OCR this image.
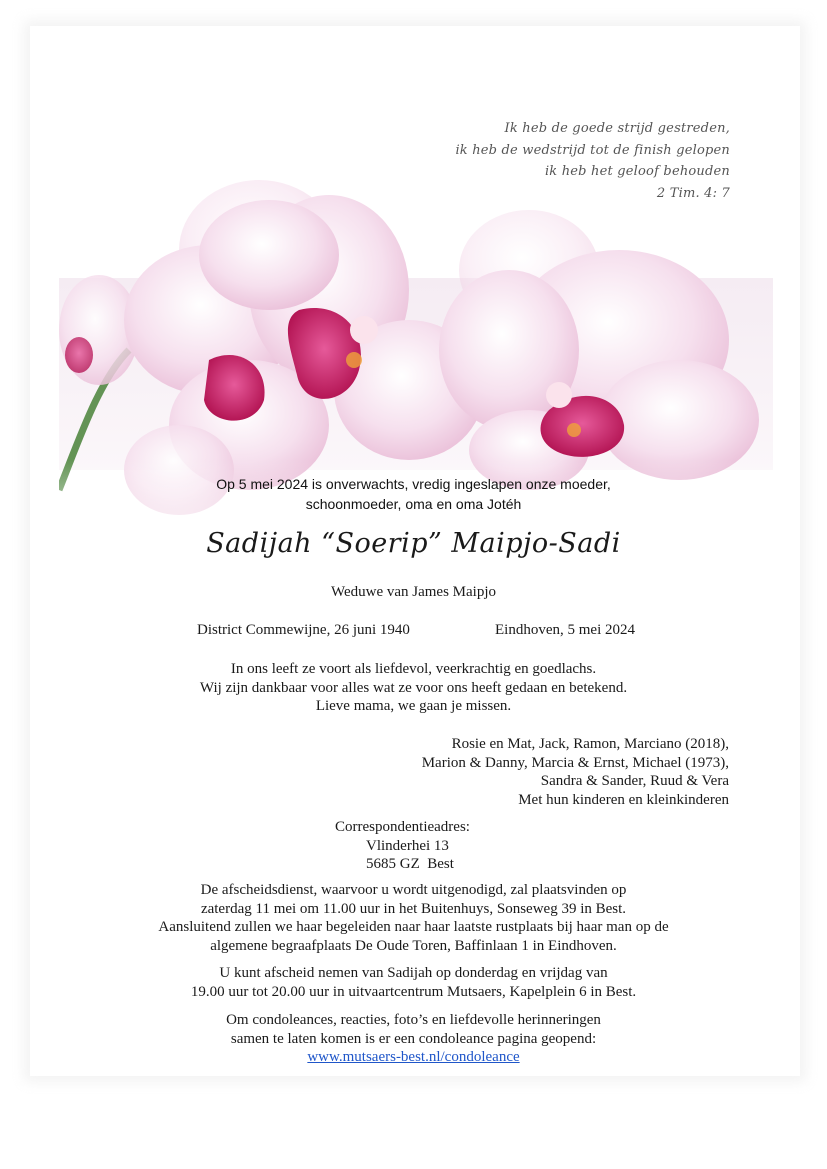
Ik heb de goede strijd gestreden,
ik heb de wedstrijd tot de finish gelopen
ik heb het geloof behouden
2 Tim. 4: 7
Op 5 mei 2024 is onverwachts, vredig ingeslapen onze moeder,
schoonmoeder, oma en oma Jotéh
Sadijah “Soerip” Maipjo-Sadi
Weduwe van James Maipjo
District Commewijne, 26 juni 1940	Eindhoven, 5 mei 2024
In ons leeft ze voort als liefdevol, veerkrachtig en goedlachs.
Wij zijn dankbaar voor alles wat ze voor ons heeft gedaan en betekend.
Lieve mama, we gaan je missen.
Rosie en Mat, Jack, Ramon, Marciano (2018),
Marion & Danny, Marcia & Ernst, Michael (1973),
Sandra & Sander, Ruud & Vera
Met hun kinderen en kleinkinderen
Correspondentieadres:
Vlinderhei 13
5685 GZ  Best
De afscheidsdienst, waarvoor u wordt uitgenodigd, zal plaatsvinden op
zaterdag 11 mei om 11.00 uur in het Buitenhuys, Sonseweg 39 in Best.
Aansluitend zullen we haar begeleiden naar haar laatste rustplaats bij haar man op de
algemene begraafplaats De Oude Toren, Baffinlaan 1 in Eindhoven.
U kunt afscheid nemen van Sadijah op donderdag en vrijdag van
19.00 uur tot 20.00 uur in uitvaartcentrum Mutsaers, Kapelplein 6 in Best.
Om condoleances, reacties, foto’s en liefdevolle herinneringen
samen te laten komen is er een condoleance pagina geopend:
www.mutsaers-best.nl/condoleance
